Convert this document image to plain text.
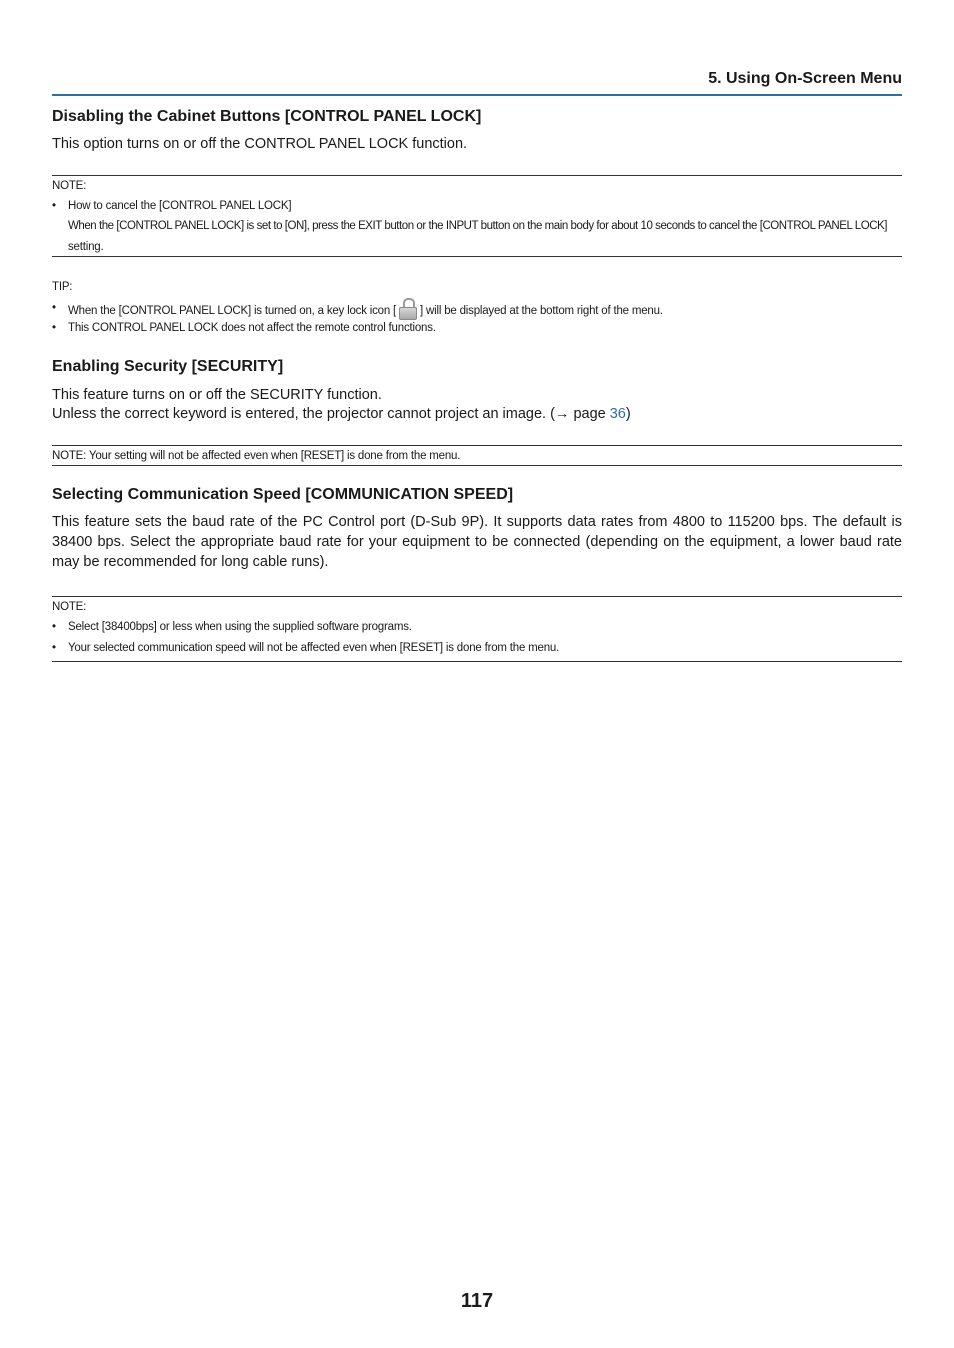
5. Using On-Screen Menu
Disabling the Cabinet Buttons [CONTROL PANEL LOCK]
This option turns on or off the CONTROL PANEL LOCK function.
NOTE:
• How to cancel the [CONTROL PANEL LOCK]
When the [CONTROL PANEL LOCK] is set to [ON], press the EXIT button or the INPUT button on the main body for about 10 seconds to cancel the [CONTROL PANEL LOCK]
setting.
TIP:
• When the [CONTROL PANEL LOCK] is turned on, a key lock icon [ ] will be displayed at the bottom right of the menu.
• This CONTROL PANEL LOCK does not affect the remote control functions.
Enabling Security [SECURITY]
This feature turns on or off the SECURITY function.
Unless the correct keyword is entered, the projector cannot project an image. (→ page 36)
NOTE: Your setting will not be affected even when [RESET] is done from the menu.
Selecting Communication Speed [COMMUNICATION SPEED]
This feature sets the baud rate of the PC Control port (D-Sub 9P). It supports data rates from 4800 to 115200 bps. The default is 38400 bps. Select the appropriate baud rate for your equipment to be connected (depending on the equipment, a lower baud rate may be recommended for long cable runs).
NOTE:
• Select [38400bps] or less when using the supplied software programs.
• Your selected communication speed will not be affected even when [RESET] is done from the menu.
117
